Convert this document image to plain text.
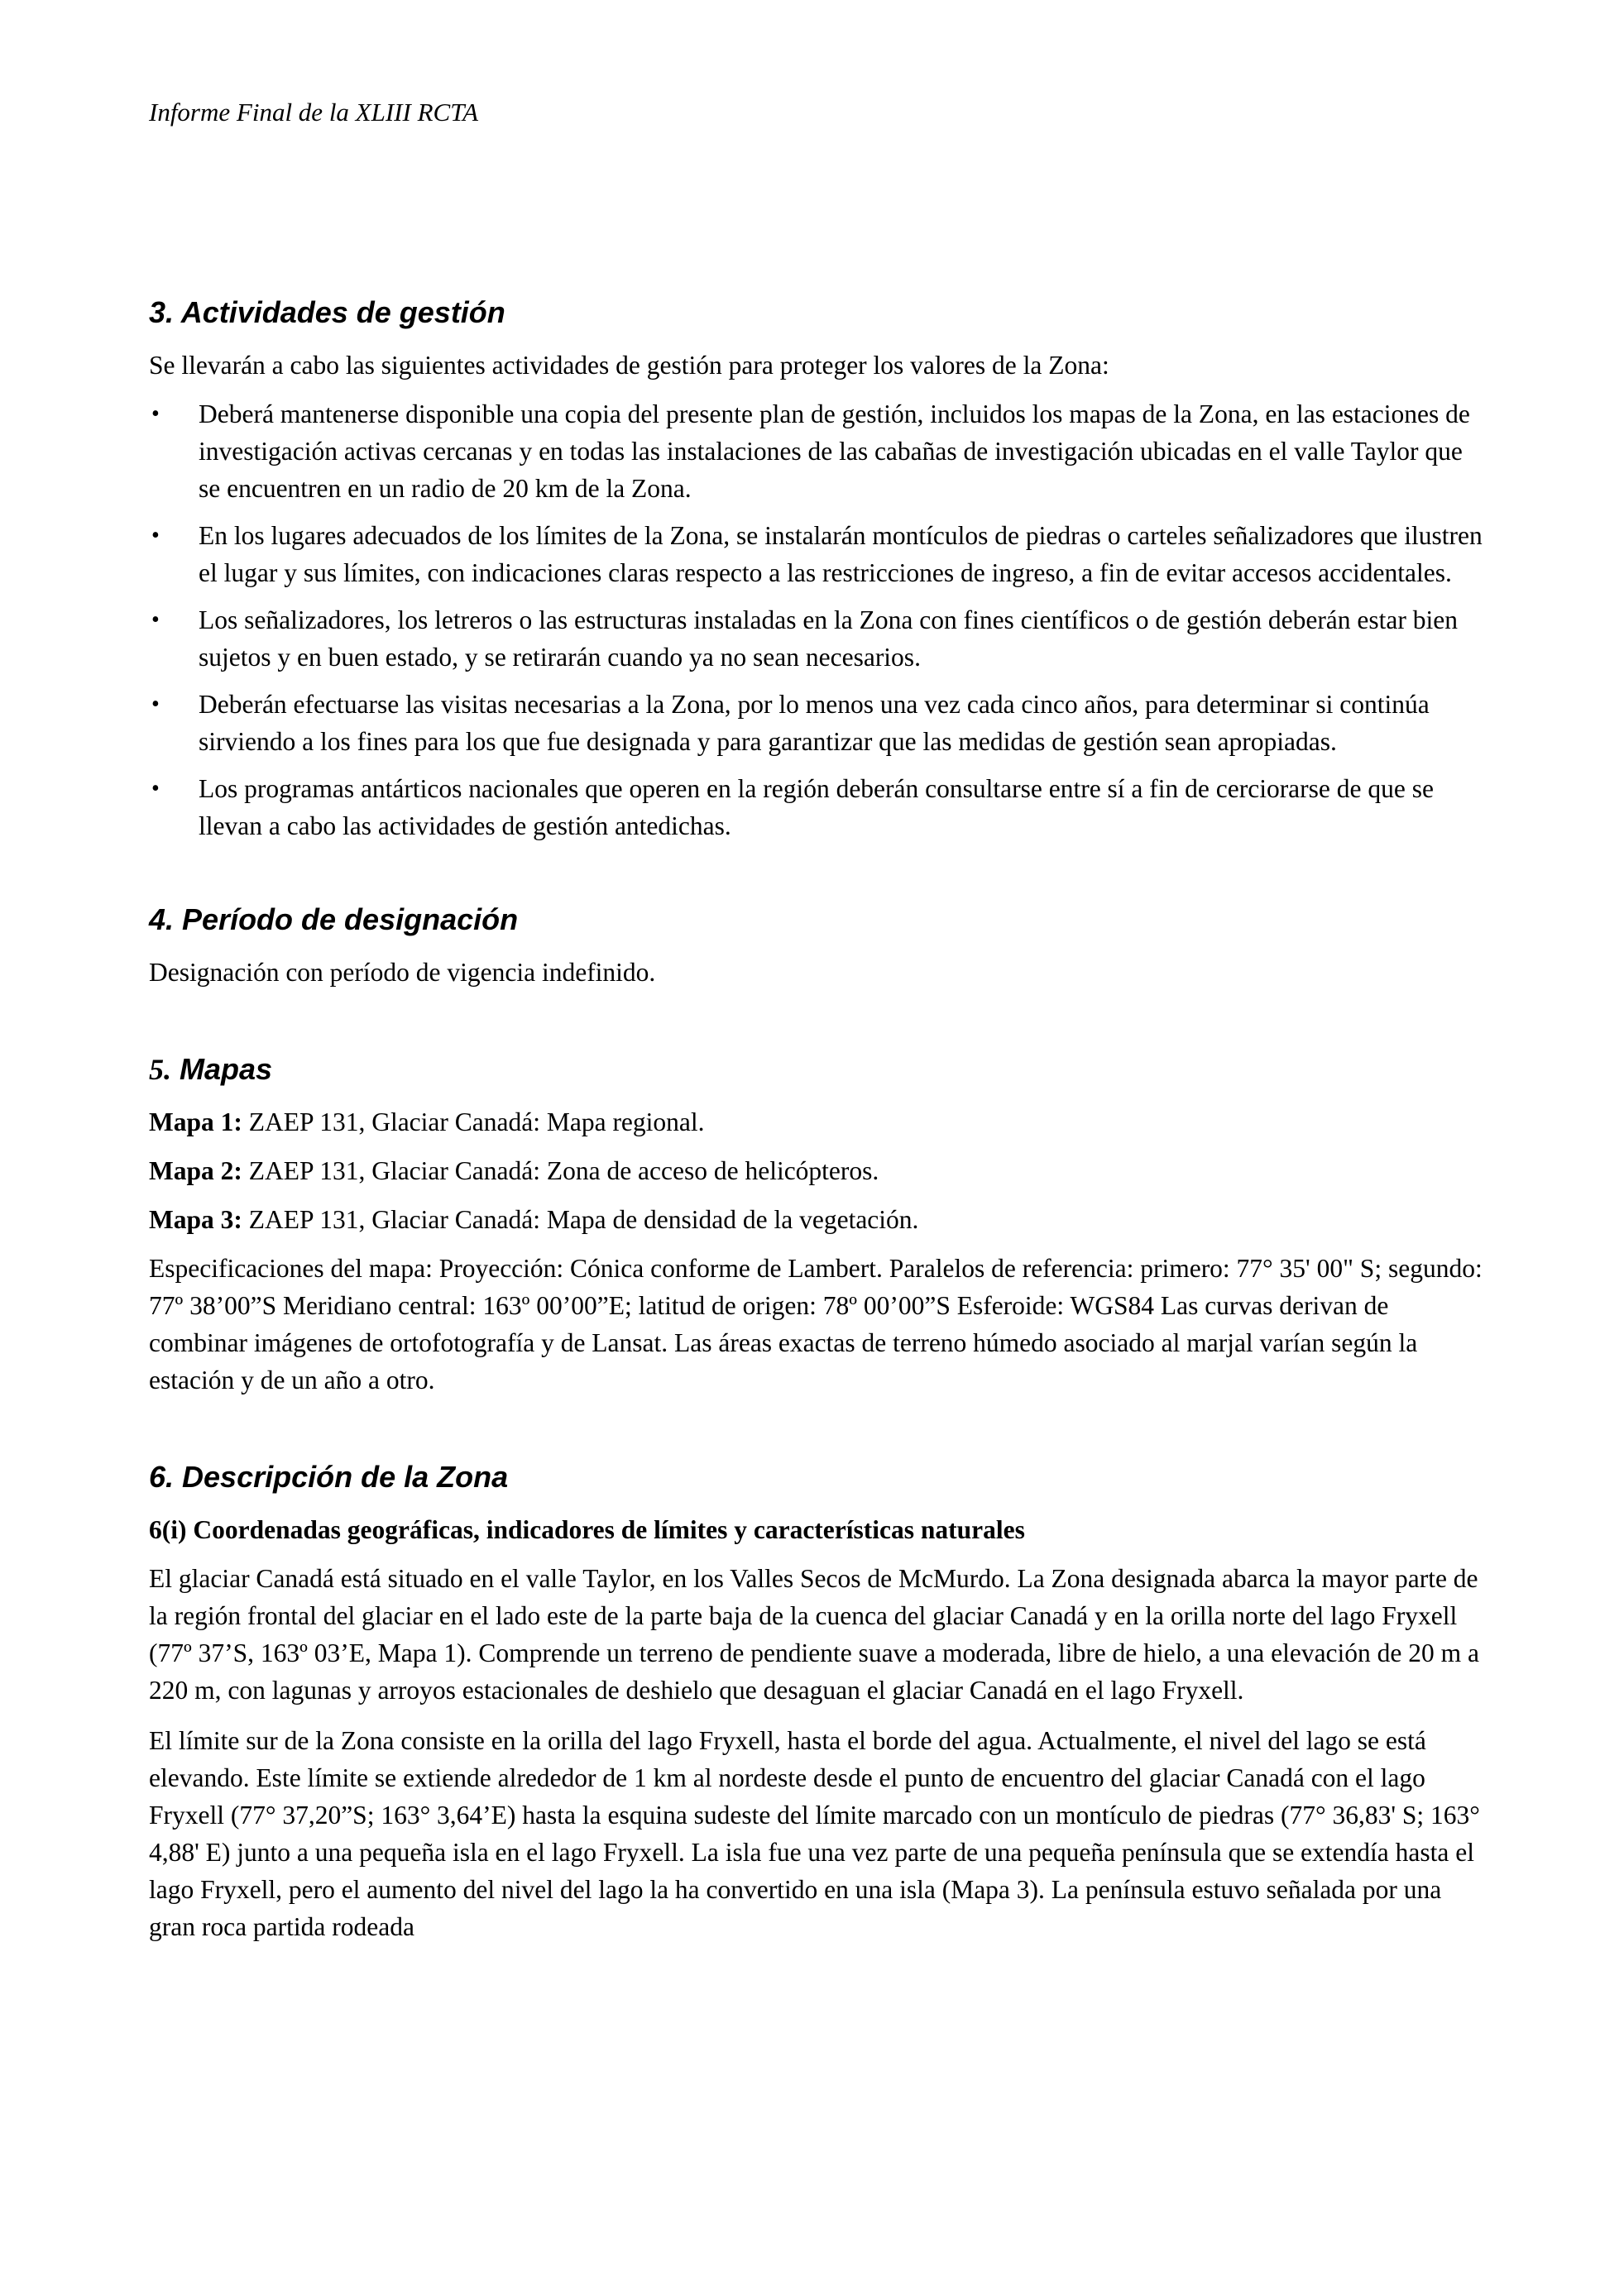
Informe Final de la XLIII RCTA
3. Actividades de gestión

Se llevarán a cabo las siguientes actividades de gestión para proteger los valores de la Zona:

• Deberá mantenerse disponible una copia del presente plan de gestión, incluidos los mapas de la Zona, en las estaciones de investigación activas cercanas y en todas las instalaciones de las cabañas de investigación ubicadas en el valle Taylor que se encuentren en un radio de 20 km de la Zona.
• En los lugares adecuados de los límites de la Zona, se instalarán montículos de piedras o carteles señalizadores que ilustren el lugar y sus límites, con indicaciones claras respecto a las restricciones de ingreso, a fin de evitar accesos accidentales.
• Los señalizadores, los letreros o las estructuras instaladas en la Zona con fines científicos o de gestión deberán estar bien sujetos y en buen estado, y se retirarán cuando ya no sean necesarios.
• Deberán efectuarse las visitas necesarias a la Zona, por lo menos una vez cada cinco años, para determinar si continúa sirviendo a los fines para los que fue designada y para garantizar que las medidas de gestión sean apropiadas.
• Los programas antárticos nacionales que operen en la región deberán consultarse entre sí a fin de cerciorarse de que se llevan a cabo las actividades de gestión antedichas.
4. Período de designación

Designación con período de vigencia indefinido.

5. Mapas
Mapa 1: ZAEP 131, Glaciar Canadá: Mapa regional.
Mapa 2: ZAEP 131, Glaciar Canadá: Zona de acceso de helicópteros.
Mapa 3: ZAEP 131, Glaciar Canadá: Mapa de densidad de la vegetación.

Especificaciones del mapa: Proyección: Cónica conforme de Lambert. Paralelos de referencia: primero: 77° 35' 00" S; segundo: 77º 38’00”S Meridiano central: 163º 00’00”E; latitud de origen: 78º 00’00”S Esferoide: WGS84 Las curvas derivan de combinar imágenes de ortofotografía y de Lansat. Las áreas exactas de terreno húmedo asociado al marjal varían según la estación y de un año a otro.

6. Descripción de la Zona
6(i) Coordenadas geográficas, indicadores de límites y características naturales

El glaciar Canadá está situado en el valle Taylor, en los Valles Secos de McMurdo. La Zona designada abarca la mayor parte de la región frontal del glaciar en el lado este de la parte baja de la cuenca del glaciar Canadá y en la orilla norte del lago Fryxell (77º 37’S, 163º 03’E, Mapa 1). Comprende un terreno de pendiente suave a moderada, libre de hielo, a una elevación de 20 m a 220 m, con lagunas y arroyos estacionales de deshielo que desaguan el glaciar Canadá en el lago Fryxell.

El límite sur de la Zona consiste en la orilla del lago Fryxell, hasta el borde del agua. Actualmente, el nivel del lago se está elevando. Este límite se extiende alrededor de 1 km al nordeste desde el punto de encuentro del glaciar Canadá con el lago Fryxell (77° 37,20”S; 163° 3,64’E) hasta la esquina sudeste del límite marcado con un montículo de piedras (77° 36,83' S; 163° 4,88' E) junto a una pequeña isla en el lago Fryxell. La isla fue una vez parte de una pequeña península que se extendía hasta el lago Fryxell, pero el aumento del nivel del lago la ha convertido en una isla (Mapa 3). La península estuvo señalada por una gran roca partida rodeada
